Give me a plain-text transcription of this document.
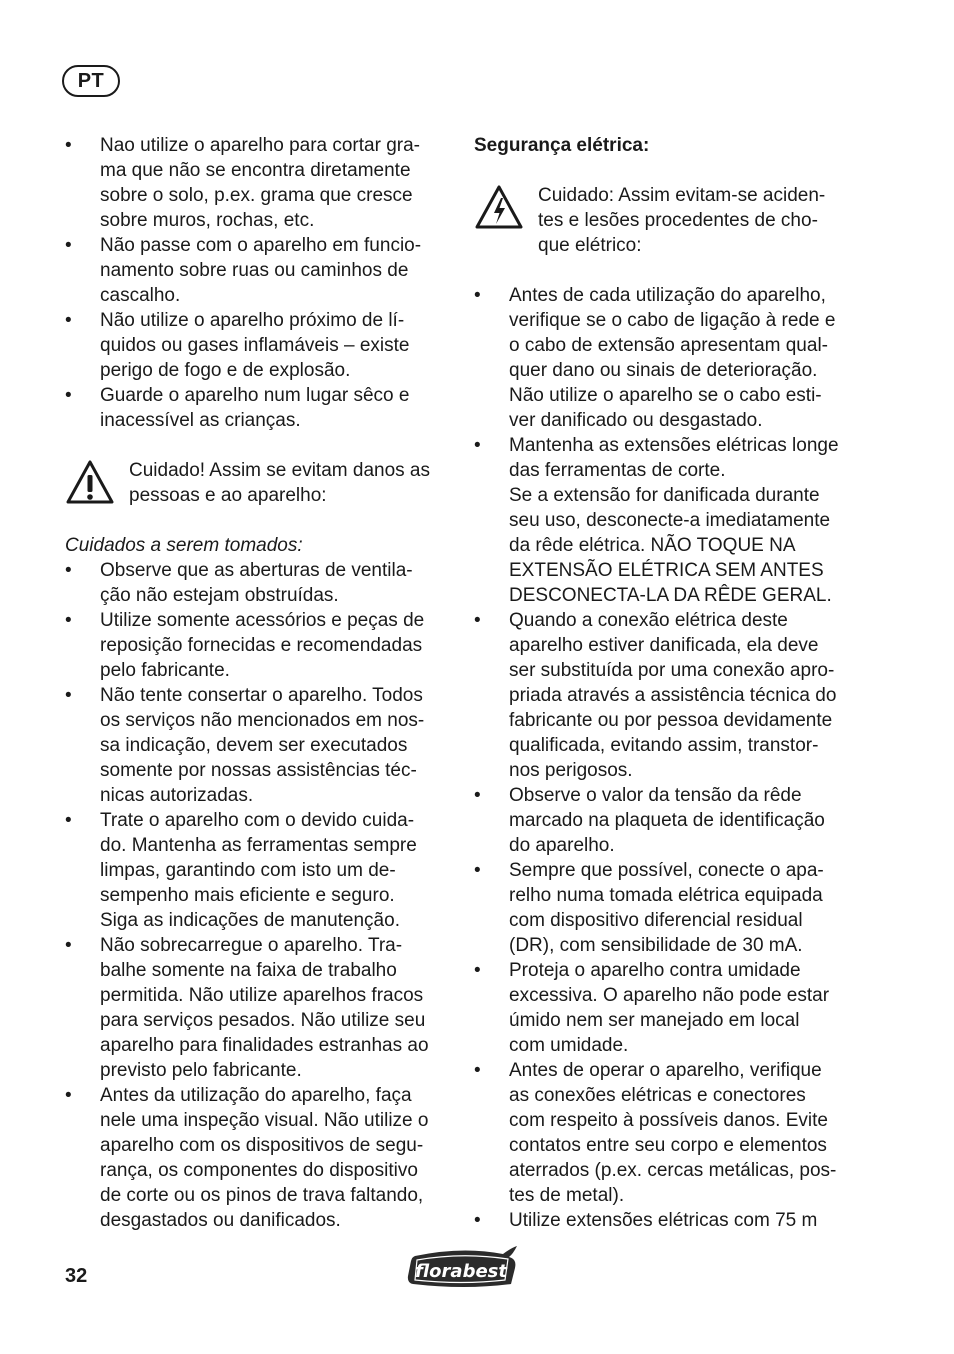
PT
• Nao utilize o aparelho para cortar gra-
ma que não se encontra diretamente
sobre o solo, p.ex. grama que cresce
sobre muros, rochas, etc.
• Não passe com o aparelho em funcio-
namento sobre ruas ou caminhos de
cascalho.
• Não utilize o aparelho próximo de lí-
quidos ou gases inflamáveis – existe
perigo de fogo e de explosão.
• Guarde o aparelho num lugar sêco e
inacessível as crianças.
Cuidado! Assim se evitam danos as
pessoas e ao aparelho:
Cuidados a serem tomados:
• Observe que as aberturas de ventila-
ção não estejam obstruídas.
• Utilize somente acessórios e peças de
reposição fornecidas e recomendadas
pelo fabricante.
• Não tente consertar o aparelho. Todos
os serviços não mencionados em nos-
sa indicação, devem ser executados
somente por nossas assistências téc-
nicas autorizadas.
• Trate o aparelho com o devido cuida-
do. Mantenha as ferramentas sempre
limpas, garantindo com isto um de-
sempenho mais eficiente e seguro.
Siga as indicações de manutenção.
• Não sobrecarregue o aparelho. Tra-
balhe somente na faixa de trabalho
permitida. Não utilize aparelhos fracos
para serviços pesados. Não utilize seu
aparelho para finalidades estranhas ao
previsto pelo fabricante.
• Antes da utilização do aparelho, faça
nele uma inspeção visual. Não utilize o
aparelho com os dispositivos de segu-
rança, os componentes do dispositivo
de corte ou os pinos de trava faltando,
desgastados ou danificados.
Segurança elétrica:
Cuidado: Assim evitam-se aciden-
tes e lesões procedentes de cho-
que elétrico:
• Antes de cada utilização do aparelho,
verifique se o cabo de ligação à rede e
o cabo de extensão apresentam qual-
quer dano ou sinais de deterioração.
Não utilize o aparelho se o cabo esti-
ver danificado ou desgastado.
• Mantenha as extensões elétricas longe
das ferramentas de corte.
Se a extensão for danificada durante
seu uso, desconecte-a imediatamente
da rêde elétrica. NÃO TOQUE NA
EXTENSÃO ELÉTRICA SEM ANTES
DESCONECTA-LA DA RÊDE GERAL.
• Quando a conexão elétrica deste
aparelho estiver danificada, ela deve
ser substituída por uma conexão apro-
priada através a assistência técnica do
fabricante ou por pessoa devidamente
qualificada, evitando assim, transtor-
nos perigosos.
• Observe o valor da tensão da rêde
marcado na plaqueta de identificação
do aparelho.
• Sempre que possível, conecte o apa-
relho numa tomada elétrica equipada
com dispositivo diferencial residual
(DR), com sensibilidade de 30 mA.
• Proteja o aparelho contra umidade
excessiva. O aparelho não pode estar
úmido nem ser manejado em local
com umidade.
• Antes de operar o aparelho, verifique
as conexões elétricas e conectores
com respeito à possíveis danos. Evite
contatos entre seu corpo e elementos
aterrados (p.ex. cercas metálicas, pos-
tes de metal).
• Utilize extensões elétricas com 75 m
32	florabest
